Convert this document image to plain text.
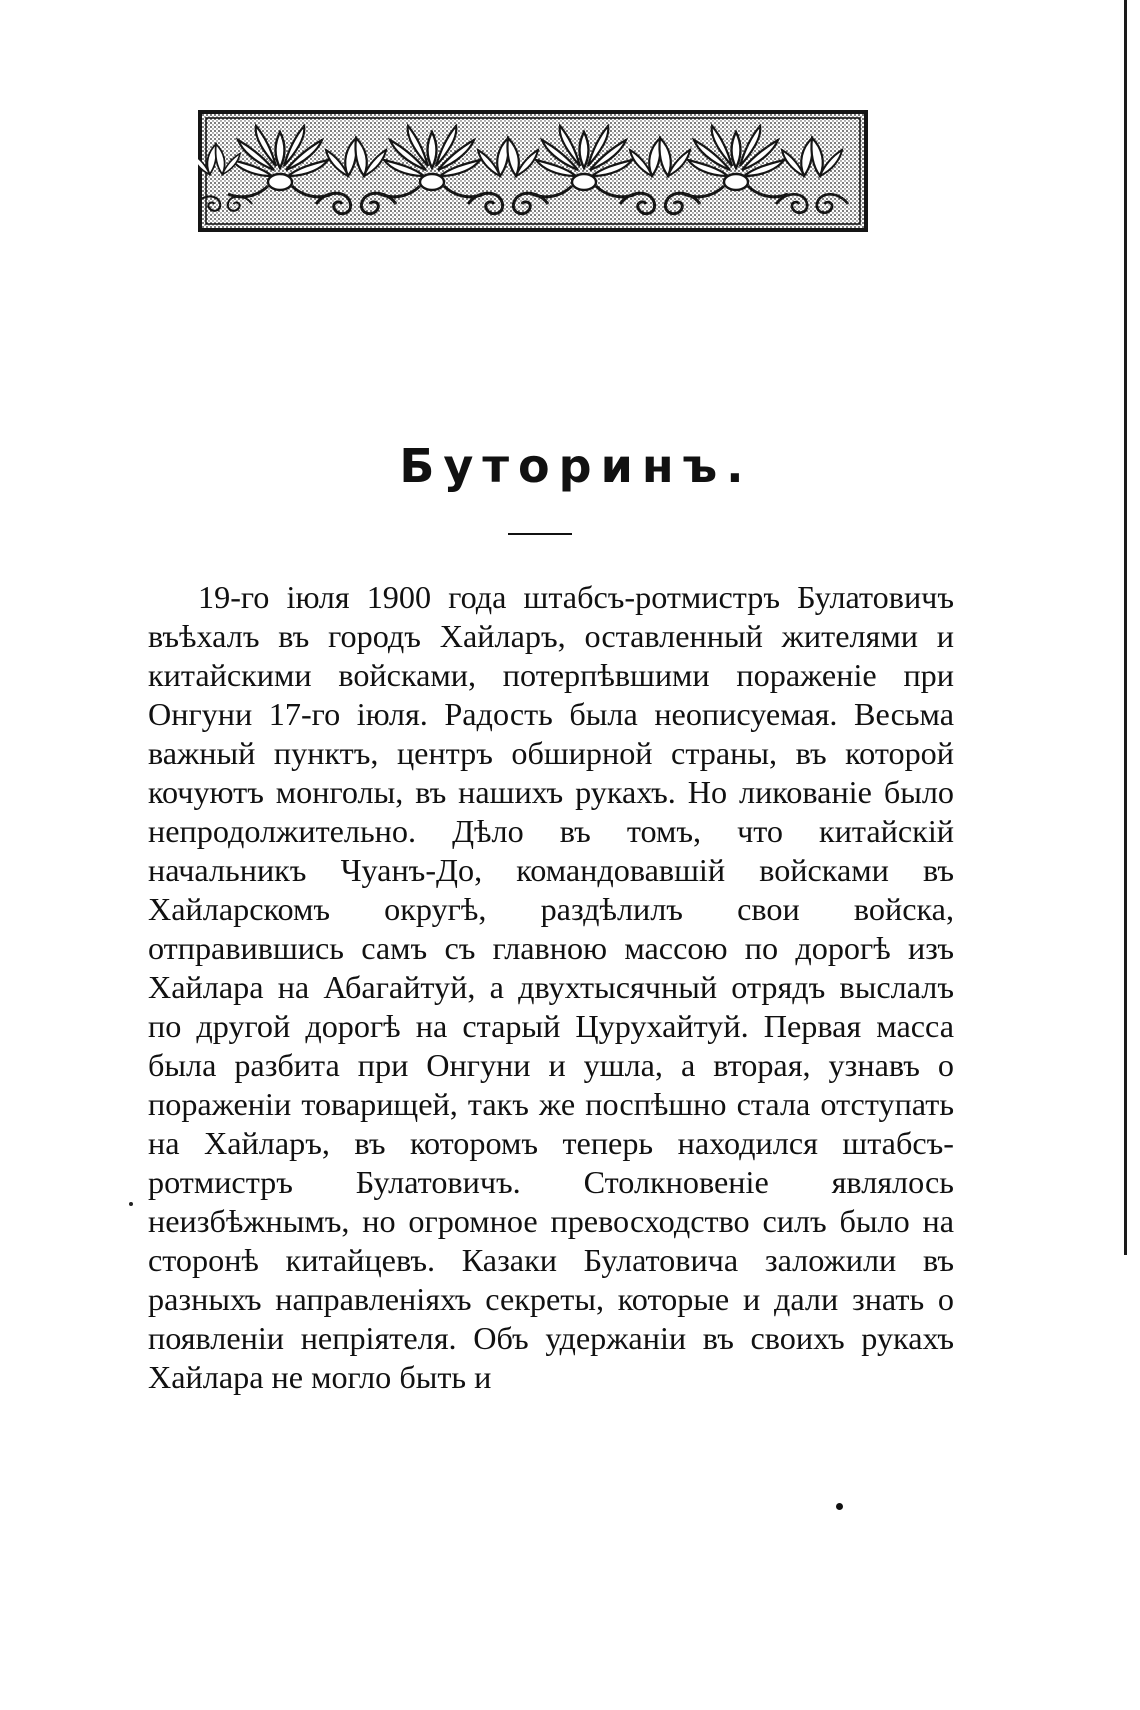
Буторинъ.

19-го іюля 1900 года штабсъ-ротмистръ Булатовичъ въѣхалъ въ городъ Хайларъ, оставленный жителями и китайскими войсками, потерпѣвшими пораженіе при Онгуни 17-го іюля. Радость была неописуемая. Весьма важный пунктъ, центръ обширной страны, въ которой кочуютъ монголы, въ нашихъ рукахъ. Но ликованіе было непродолжительно. Дѣло въ томъ, что китайскій начальникъ Чуанъ-До, командовавшій войсками въ Хайларскомъ округѣ, раздѣлилъ свои войска, отправившись самъ съ главною массою по дорогѣ изъ Хайлара на Абагайтуй, а двухтысячный отрядъ выслалъ по другой дорогѣ на старый Цурухайтуй. Первая масса была разбита при Онгуни и ушла, а вторая, узнавъ о пораженіи товарищей, такъ же поспѣшно стала отступать на Хайларъ, въ которомъ теперь находился штабсъ-ротмистръ Булатовичъ. Столкновеніе являлось неизбѣжнымъ, но огромное превосходство силъ было на сторонѣ китайцевъ. Казаки Булатовича заложили въ разныхъ направленіяхъ секреты, которые и дали знать о появленіи непріятеля. Объ удержаніи въ своихъ рукахъ Хайлара не могло быть и
